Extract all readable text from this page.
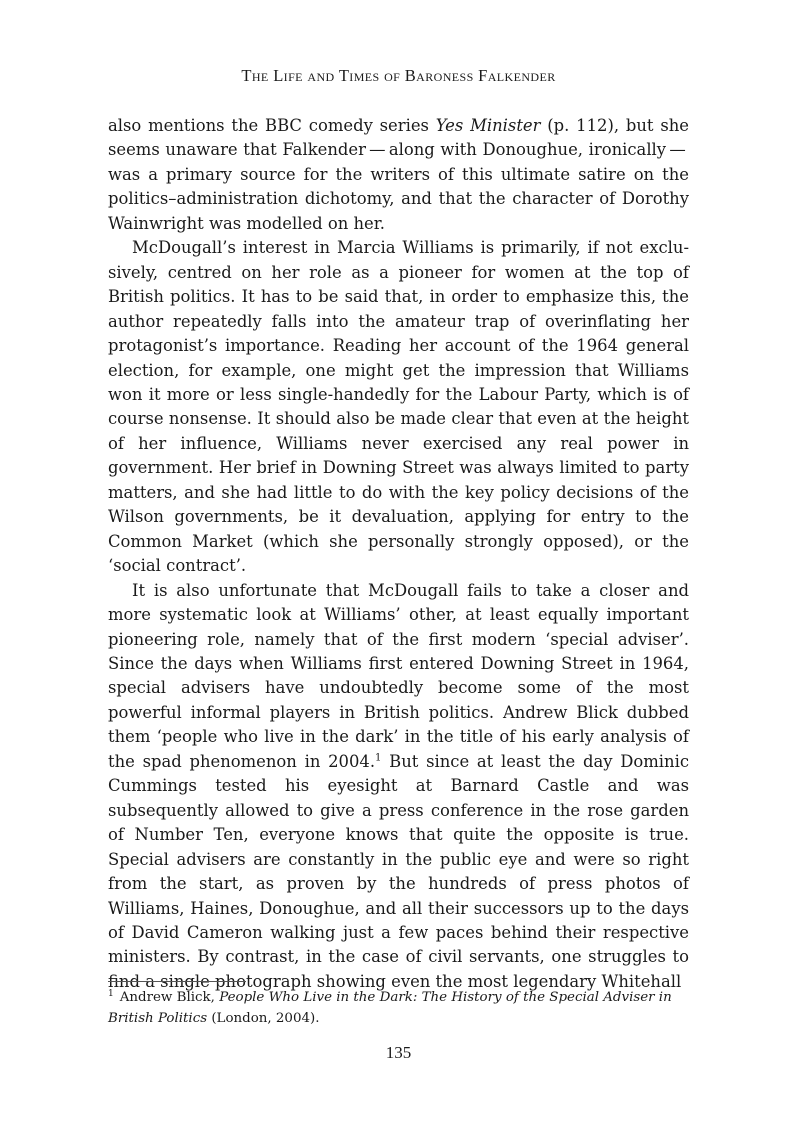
The Life and Times of Baroness Falkender

also mentions the BBC comedy series Yes Minister (p. 112), but she seems unaware that Falkender — along with Donoughue, ironically — was a primary source for the writers of this ultimate satire on the politics–administration dichotomy, and that the character of Dorothy Wainwright was modelled on her.

McDougall’s interest in Marcia Williams is primarily, if not exclusively, centred on her role as a pioneer for women at the top of British politics. It has to be said that, in order to emphasize this, the author repeatedly falls into the amateur trap of overinflating her protagonist’s importance. Reading her account of the 1964 general election, for example, one might get the impression that Williams won it more or less single-handedly for the Labour Party, which is of course nonsense. It should also be made clear that even at the height of her influence, Williams never exercised any real power in government. Her brief in Downing Street was always limited to party matters, and she had little to do with the key policy decisions of the Wilson governments, be it devaluation, applying for entry to the Common Market (which she personally strongly opposed), or the ‘social contract’.

It is also unfortunate that McDougall fails to take a closer and more systematic look at Williams’ other, at least equally important pioneering role, namely that of the first modern ‘special adviser’. Since the days when Williams first entered Downing Street in 1964, special advisers have undoubtedly become some of the most powerful informal players in British politics. Andrew Blick dubbed them ‘people who live in the dark’ in the title of his early analysis of the spad phenomenon in 2004.$^1$ But since at least the day Dominic Cummings tested his eyesight at Barnard Castle and was subsequently allowed to give a press conference in the rose garden of Number Ten, everyone knows that quite the opposite is true. Special advisers are constantly in the public eye and were so right from the start, as proven by the hundreds of press photos of Williams, Haines, Donoughue, and all their successors up to the days of David Cameron walking just a few paces behind their respective ministers. By contrast, in the case of civil servants, one struggles to find a single photograph showing even the most legendary Whitehall

$^1$ Andrew Blick, People Who Live in the Dark: The History of the Special Adviser in British Politics (London, 2004).
135
